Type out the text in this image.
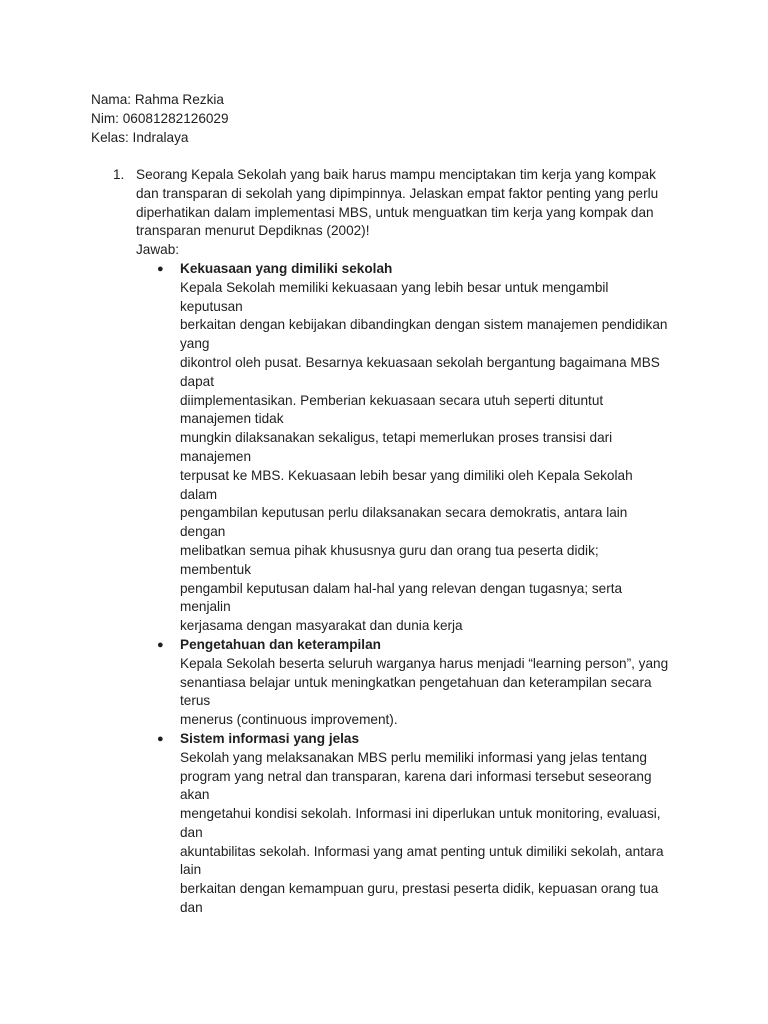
Nama: Rahma Rezkia
Nim: 06081282126029
Kelas: Indralaya
1. Seorang Kepala Sekolah yang baik harus mampu menciptakan tim kerja yang kompak
dan transparan di sekolah yang dipimpinnya. Jelaskan empat faktor penting yang perlu
diperhatikan dalam implementasi MBS, untuk menguatkan tim kerja yang kompak dan
transparan menurut Depdiknas (2002)!
Jawab:
● Kekuasaan yang dimiliki sekolah
Kepala Sekolah memiliki kekuasaan yang lebih besar untuk mengambil
keputusan
berkaitan dengan kebijakan dibandingkan dengan sistem manajemen pendidikan
yang
dikontrol oleh pusat. Besarnya kekuasaan sekolah bergantung bagaimana MBS
dapat
diimplementasikan. Pemberian kekuasaan secara utuh seperti dituntut
manajemen tidak
mungkin dilaksanakan sekaligus, tetapi memerlukan proses transisi dari
manajemen
terpusat ke MBS. Kekuasaan lebih besar yang dimiliki oleh Kepala Sekolah
dalam
pengambilan keputusan perlu dilaksanakan secara demokratis, antara lain
dengan
melibatkan semua pihak khususnya guru dan orang tua peserta didik;
membentuk
pengambil keputusan dalam hal-hal yang relevan dengan tugasnya; serta
menjalin
kerjasama dengan masyarakat dan dunia kerja
● Pengetahuan dan keterampilan
Kepala Sekolah beserta seluruh warganya harus menjadi “learning person”, yang
senantiasa belajar untuk meningkatkan pengetahuan dan keterampilan secara
terus
menerus (continuous improvement).
● Sistem informasi yang jelas
Sekolah yang melaksanakan MBS perlu memiliki informasi yang jelas tentang
program yang netral dan transparan, karena dari informasi tersebut seseorang
akan
mengetahui kondisi sekolah. Informasi ini diperlukan untuk monitoring, evaluasi,
dan
akuntabilitas sekolah. Informasi yang amat penting untuk dimiliki sekolah, antara
lain
berkaitan dengan kemampuan guru, prestasi peserta didik, kepuasan orang tua
dan
